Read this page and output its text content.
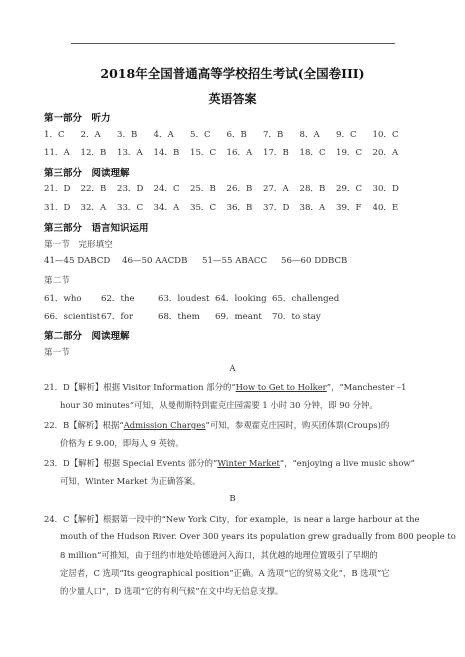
2018年全国普通高等学校招生考试(全国卷III)
英语答案
第一部分　听力
1．C 2．A 3．B 4．A 5．C 6．B 7．B 8．A 9．C 10．C
11．A 12．B 13．A 14．B 15．C 16．A 17．B 18．C 19．C 20．A
第三部分　阅读理解
21．D 22．B 23．D 24．C 25．B 26．B 27．A 28．B 29．C 30．D
31．D 32．A 33．C 34．A 35．C 36．B 37．D 38．A 39．F 40．E
第三部分　语言知识运用
第一节　完形填空
41—45 DABCD 46—50 AACDB 51—55 ABACC 56—60 DDBCB
第二节
61．who 62．the	63．loudest 64．looking 65．challenged
66．scientist 67．for	68．them 69．meant 70．to stay
第二部分　阅读理解
第一节
A
21．D【解析】根据 Visitor Information 部分的“How to Get to Holker”，“Manchester –1
hour 30 minutes”可知，从曼彻斯特到霍克庄园需要 1 小时 30 分钟，即 90 分钟。
22．B【解析】根据“Admission Charges”可知，参观霍克庄园时，购买团体票(Croups)的
价格为 £ 9.00，即每人 9 英镑。
23．D【解析】根据 Special Events 部分的“Winter Market”，“enjoying a live music show”
可知，Winter Market 为正确答案。
B
24．C【解析】根据第一段中的“New York City，for example，is near a large harbour at the
mouth of the Hudson River. Over 300 years its population grew gradually from 800 people to
8 million”可推知，由于纽约市地处哈德逊河入海口，其优越的地理位置吸引了早期的
定居者，C 选项“Its geographical position”正确。A 选项“它的贸易文化”，B 选项“它
的少量人口”，D 选项“它的有利气候”在文中均无信息支撑。
